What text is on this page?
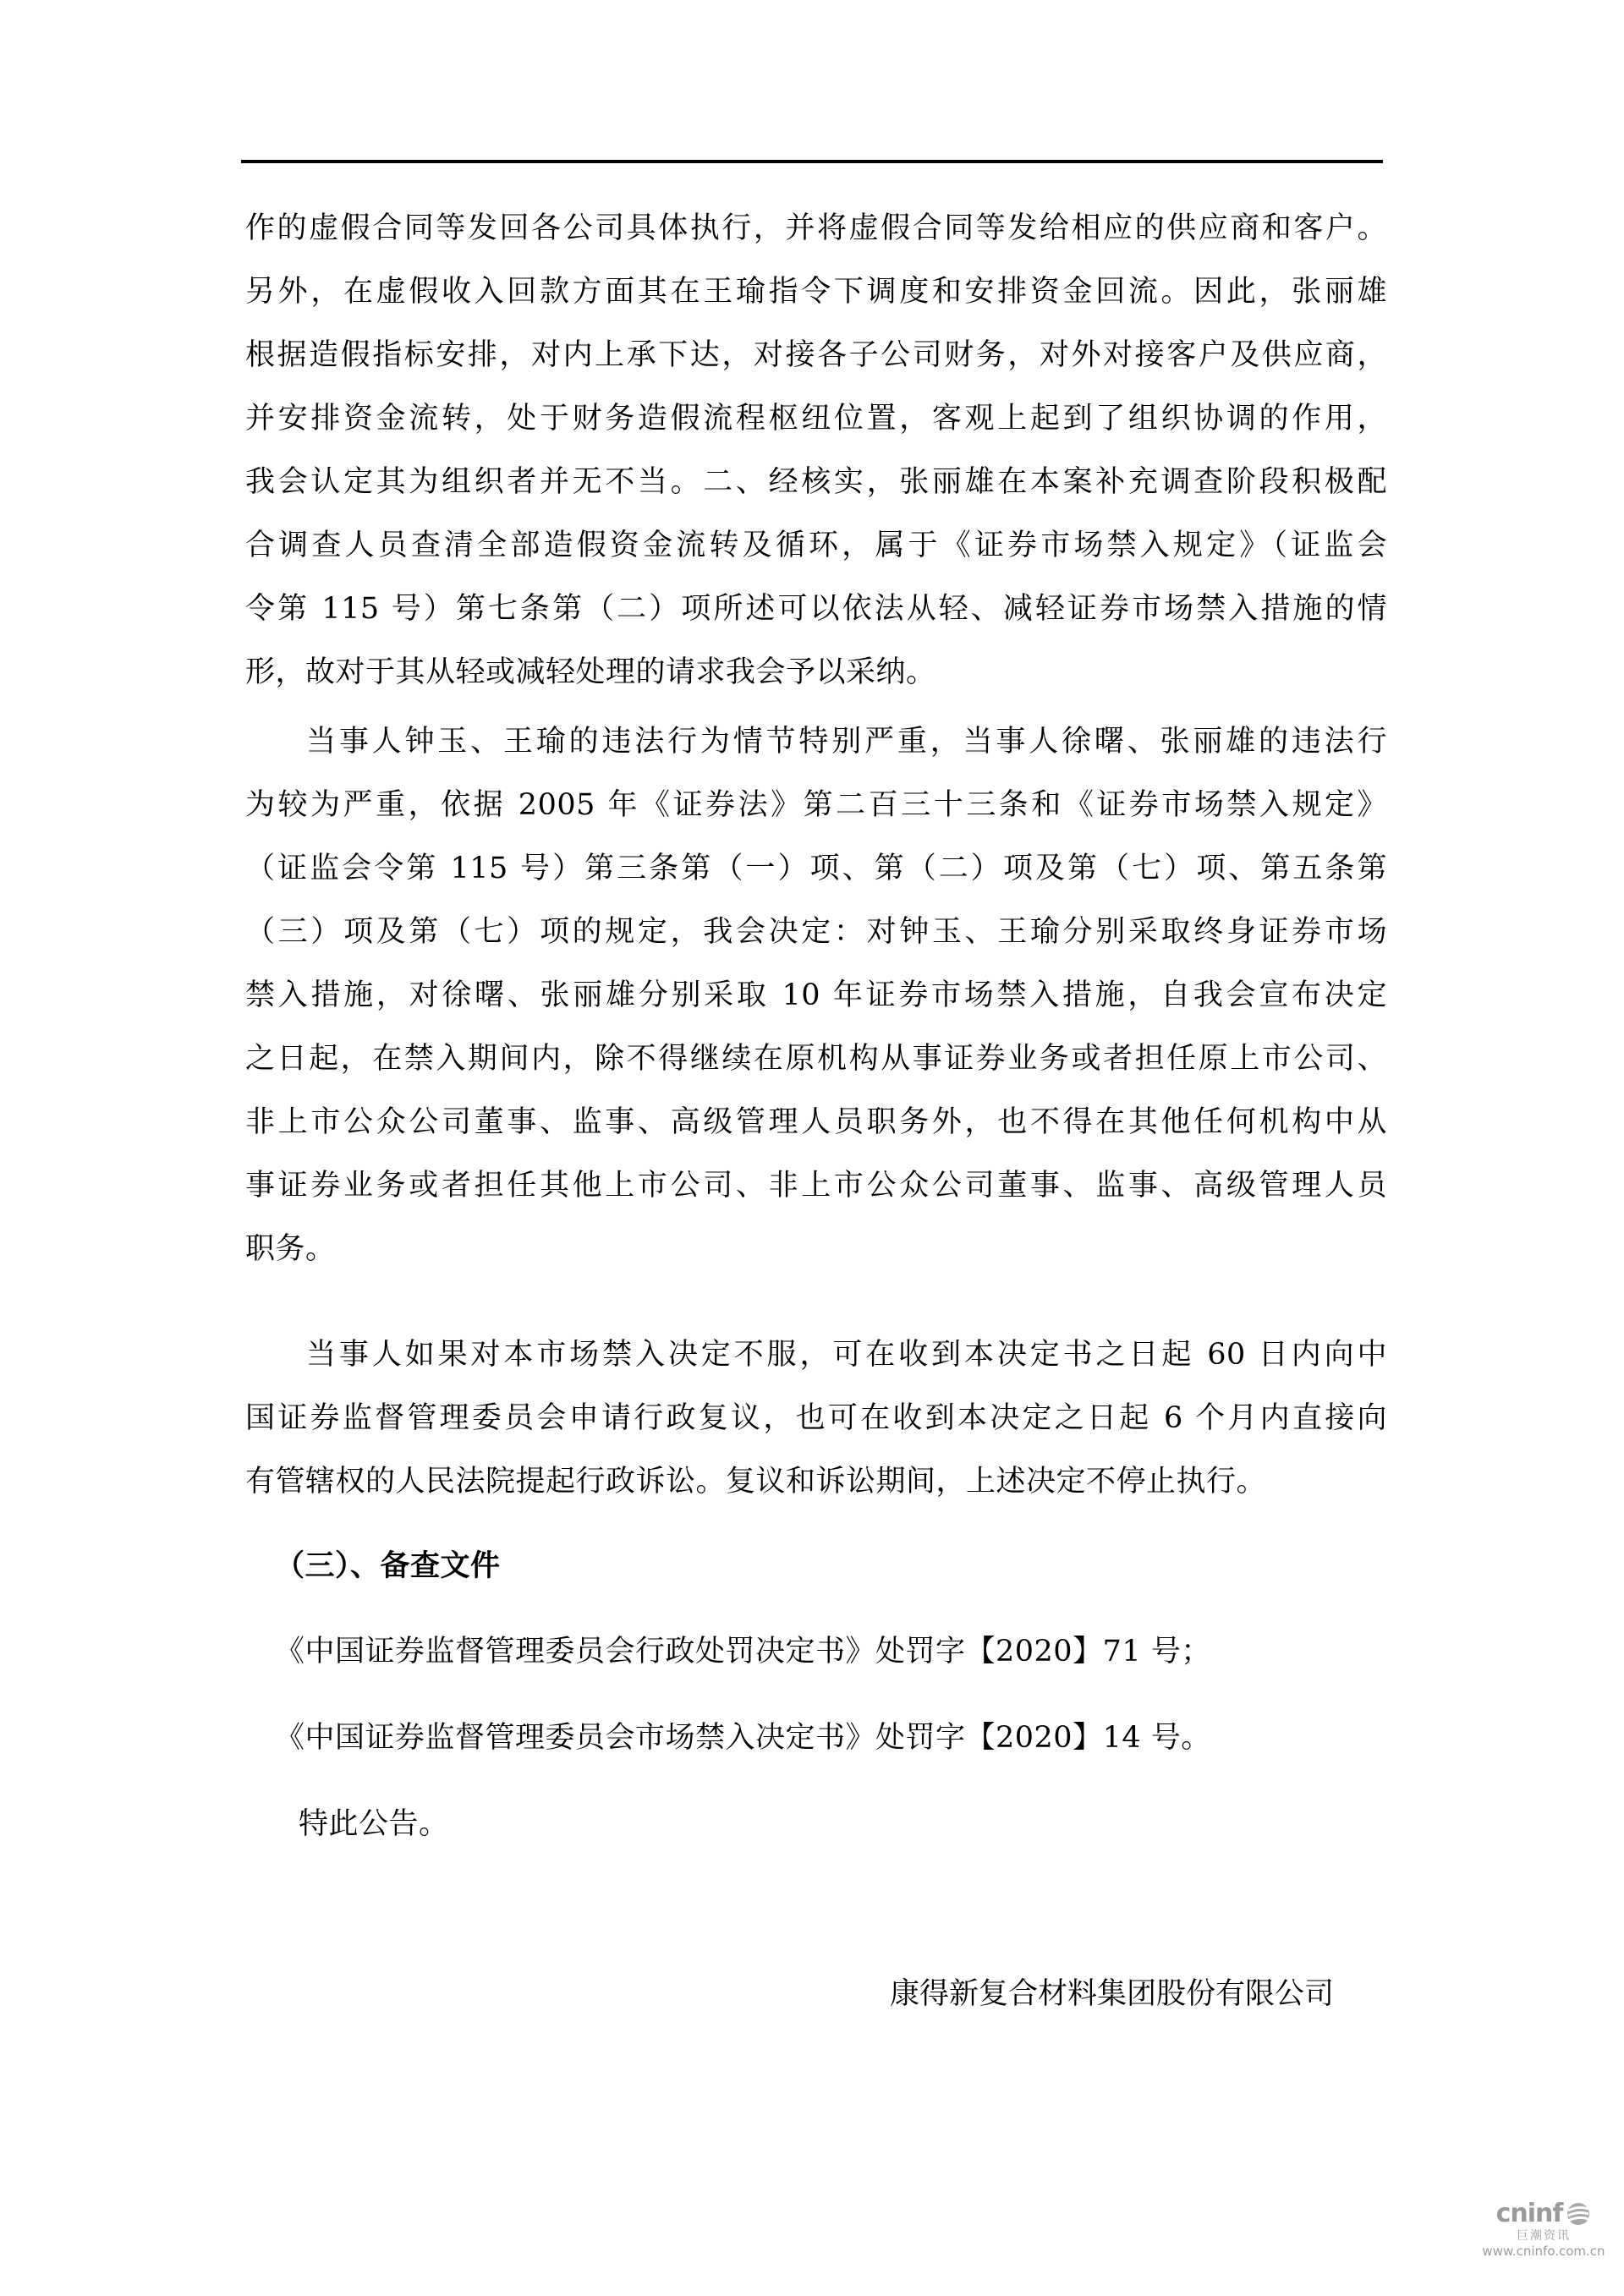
作的虚假合同等发回各公司具体执行，并将虚假合同等发给相应的供应商和客户。
另外，在虚假收入回款方面其在王瑜指令下调度和安排资金回流。因此，张丽雄
根据造假指标安排，对内上承下达，对接各子公司财务，对外对接客户及供应商，
并安排资金流转，处于财务造假流程枢纽位置，客观上起到了组织协调的作用，
我会认定其为组织者并无不当。二、经核实，张丽雄在本案补充调查阶段积极配
合调查人员查清全部造假资金流转及循环，属于《证券市场禁入规定》（证监会
令第 115 号）第七条第（二）项所述可以依法从轻、减轻证券市场禁入措施的情
形，故对于其从轻或减轻处理的请求我会予以采纳。
当事人钟玉、王瑜的违法行为情节特别严重，当事人徐曙、张丽雄的违法行
为较为严重，依据 2005 年《证券法》第二百三十三条和《证券市场禁入规定》
（证监会令第 115 号）第三条第（一）项、第（二）项及第（七）项、第五条第
（三）项及第（七）项的规定，我会决定：对钟玉、王瑜分别采取终身证券市场
禁入措施，对徐曙、张丽雄分别采取 10 年证券市场禁入措施，自我会宣布决定
之日起，在禁入期间内，除不得继续在原机构从事证券业务或者担任原上市公司、
非上市公众公司董事、监事、高级管理人员职务外，也不得在其他任何机构中从
事证券业务或者担任其他上市公司、非上市公众公司董事、监事、高级管理人员
职务。
当事人如果对本市场禁入决定不服，可在收到本决定书之日起 60 日内向中
国证券监督管理委员会申请行政复议，也可在收到本决定之日起 6 个月内直接向
有管辖权的人民法院提起行政诉讼。复议和诉讼期间，上述决定不停止执行。
（三）、备查文件
《中国证券监督管理委员会行政处罚决定书》处罚字【2020】71 号；
《中国证券监督管理委员会市场禁入决定书》处罚字【2020】14 号。
特此公告。
康得新复合材料集团股份有限公司
cninf
巨潮资讯
www.cninfo.com.cn
